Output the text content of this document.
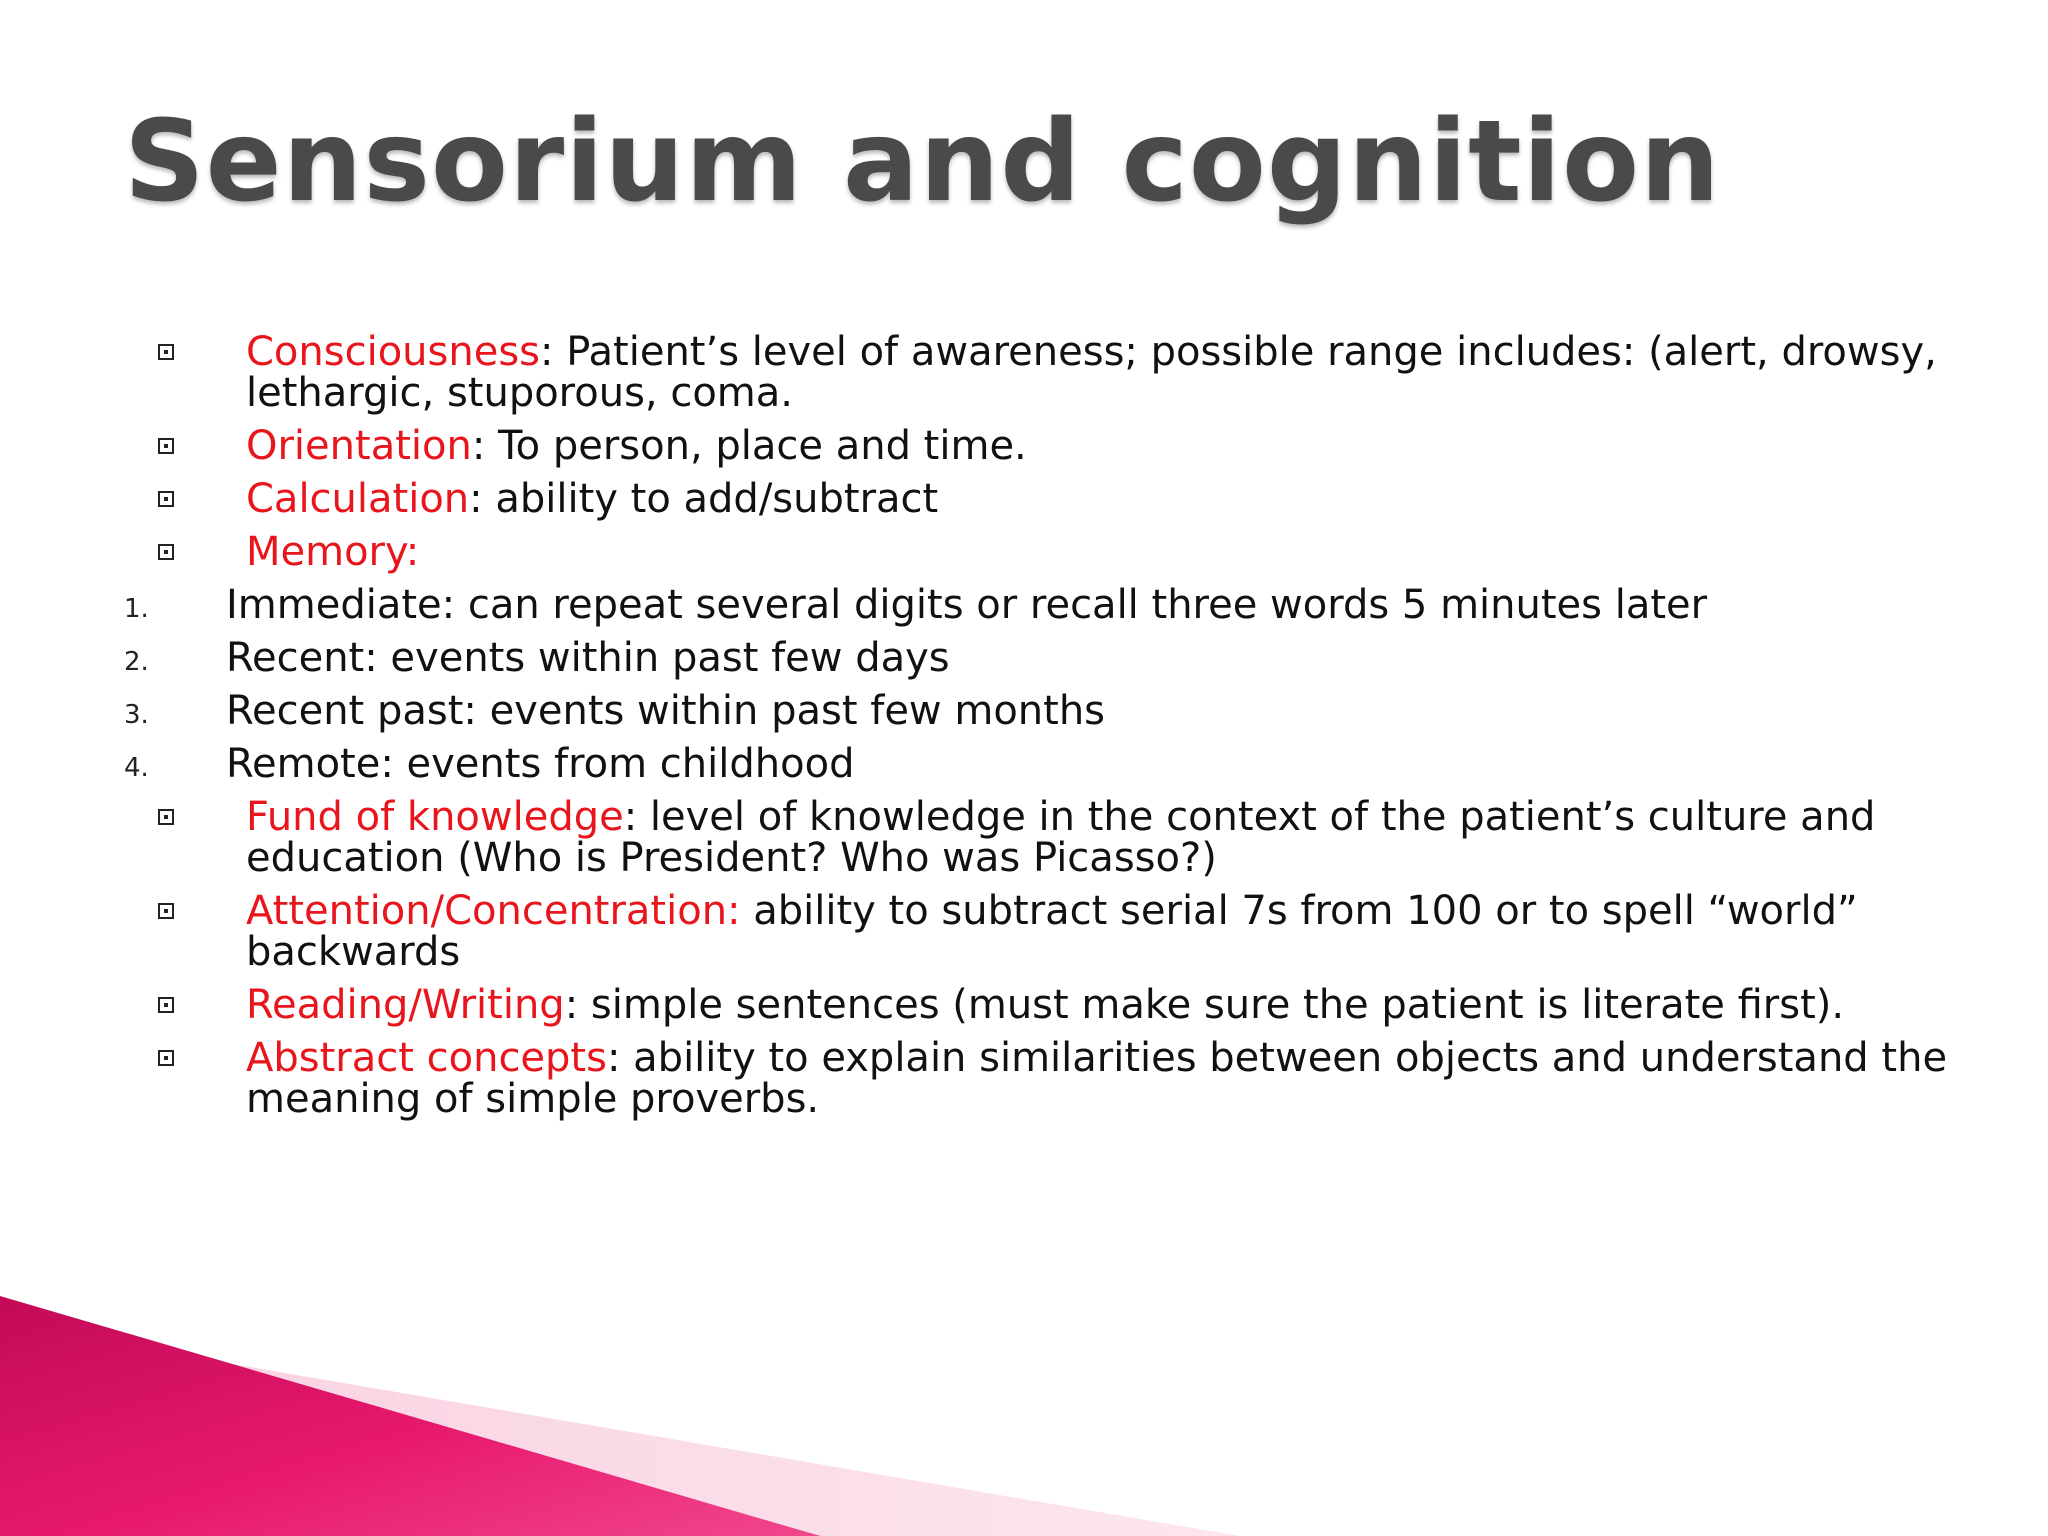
Sensorium and cognition
Consciousness: Patient’s level of awareness; possible range includes: (alert, drowsy, lethargic, stuporous, coma.
Orientation: To person, place and time.
Calculation: ability to add/subtract
Memory:
1. Immediate: can repeat several digits or recall three words 5 minutes later
2. Recent: events within past few days
3. Recent past: events within past few months
4. Remote: events from childhood
Fund of knowledge: level of knowledge in the context of the patient’s culture and education (Who is President? Who was Picasso?)
Attention/Concentration: ability to subtract serial 7s from 100 or to spell “world” backwards
Reading/Writing: simple sentences (must make sure the patient is literate first).
Abstract concepts: ability to explain similarities between objects and understand the meaning of simple proverbs.
